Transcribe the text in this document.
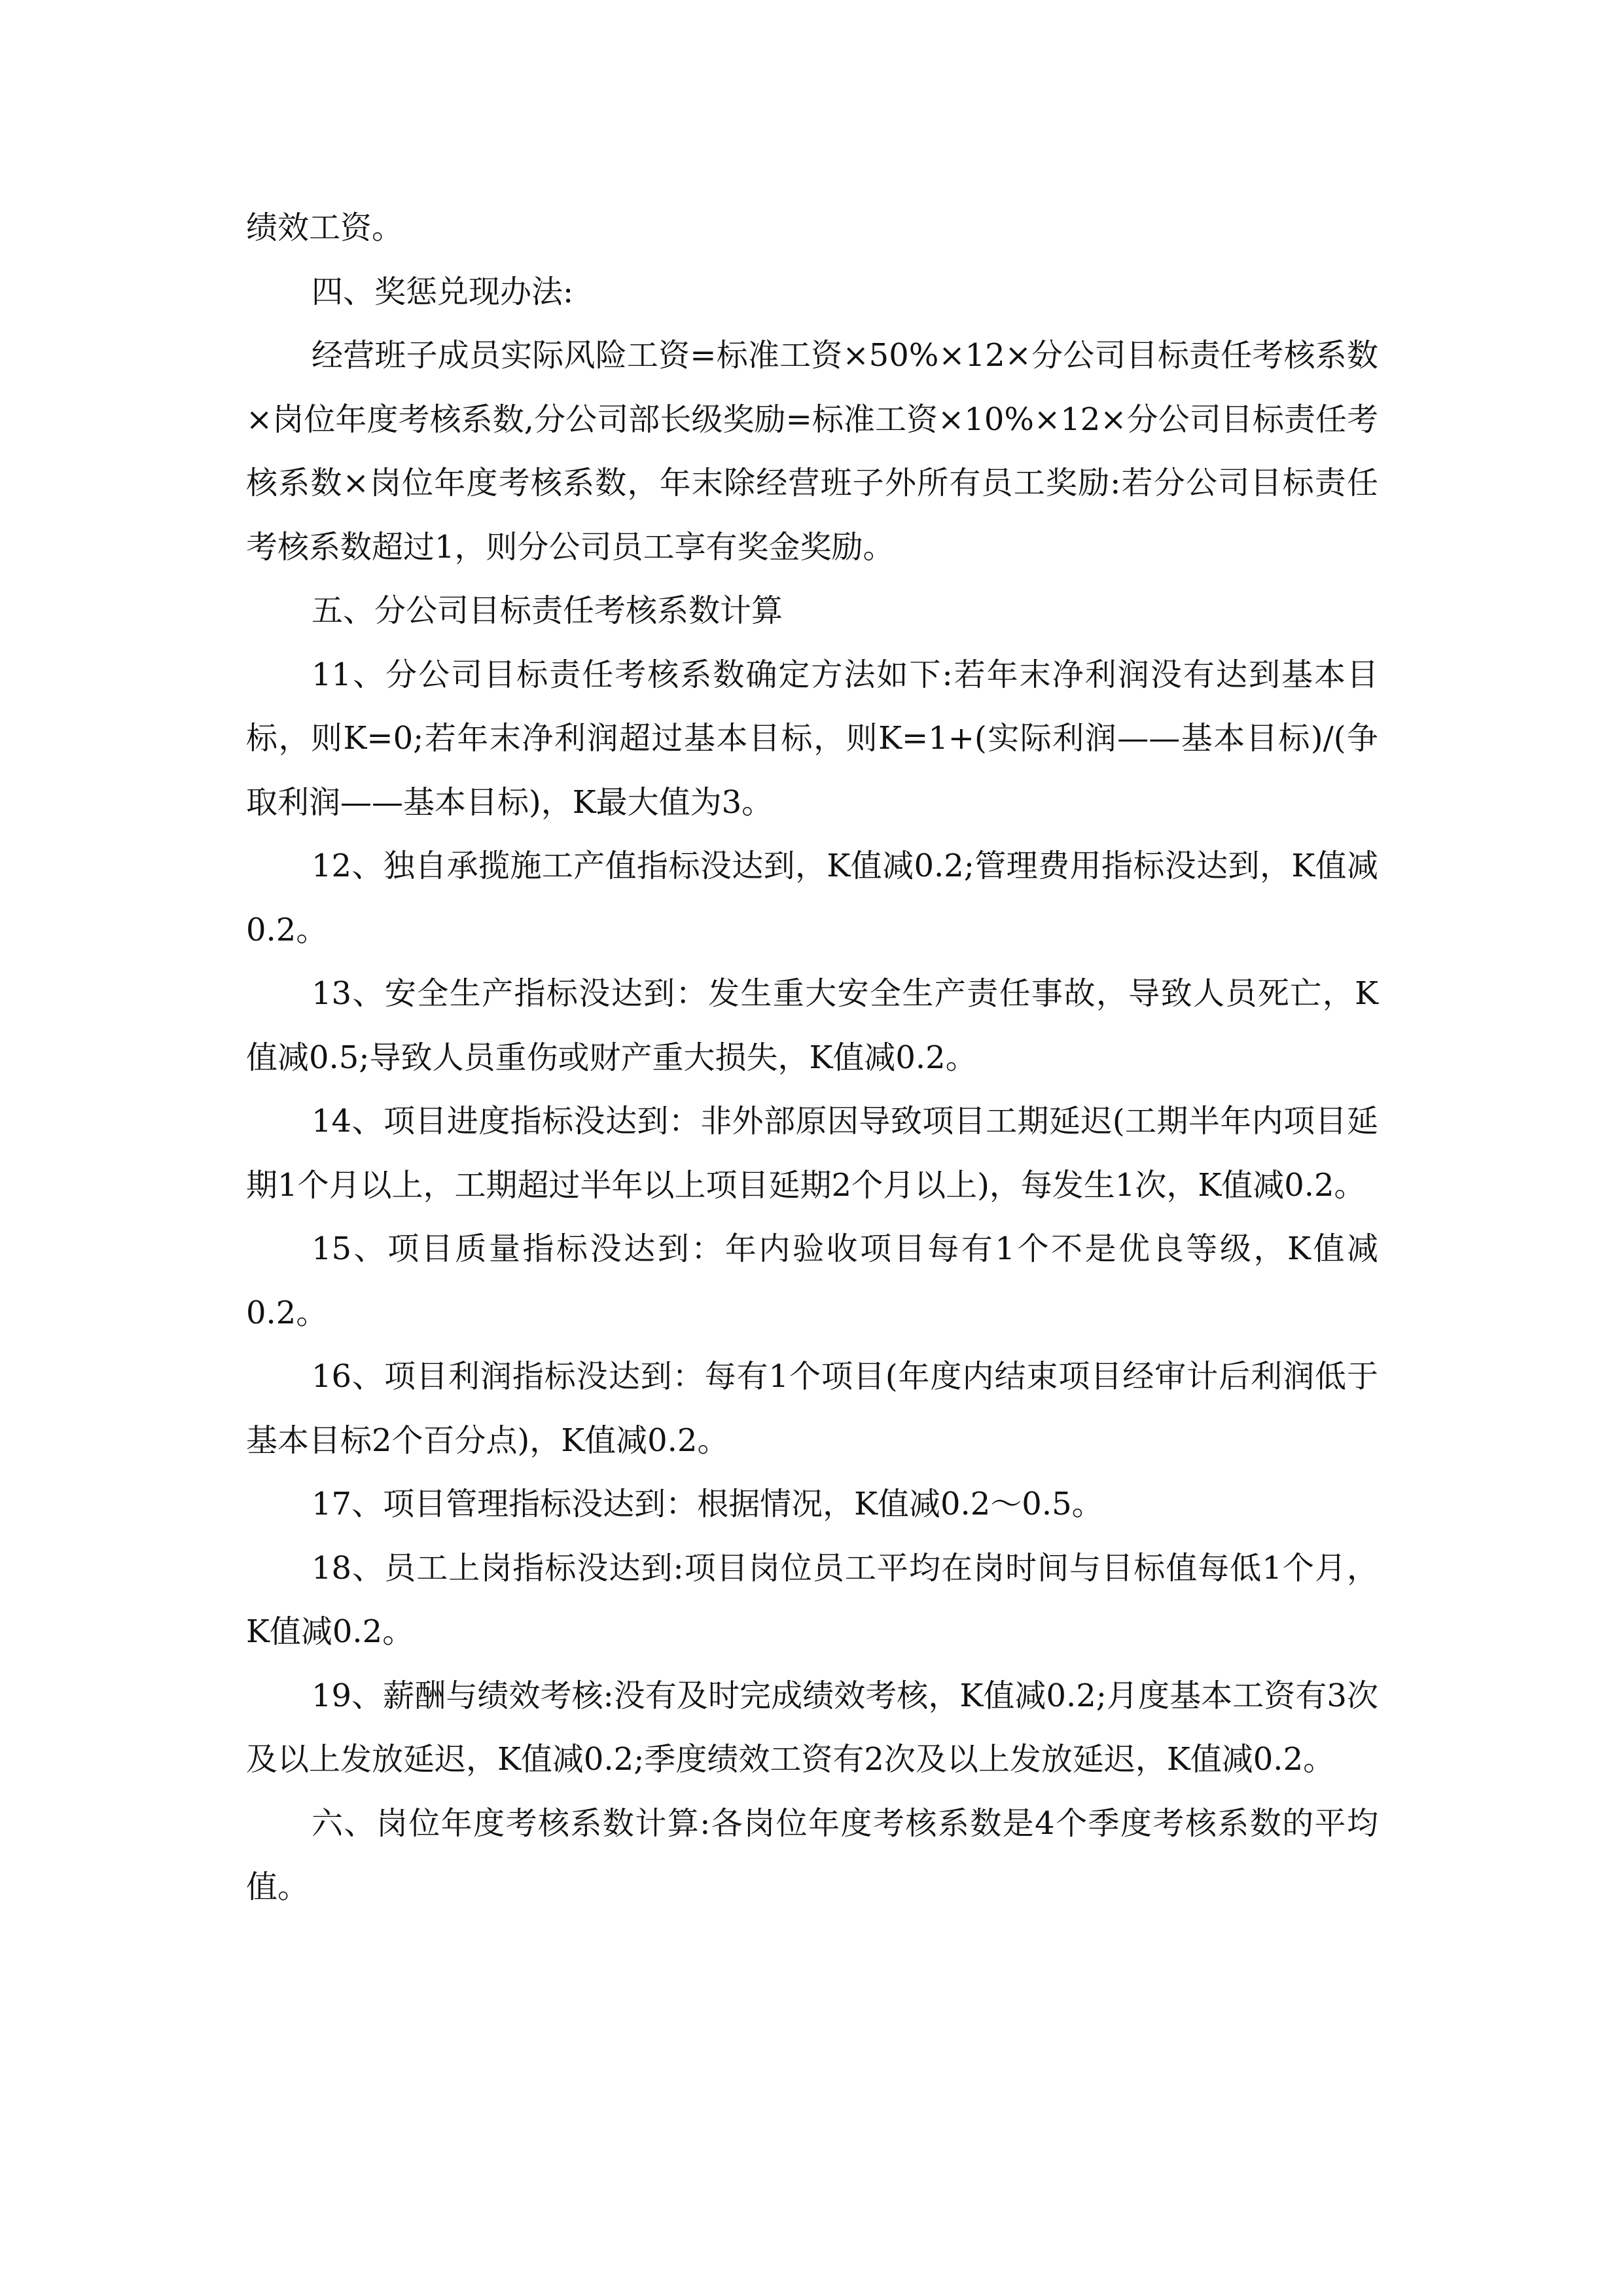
绩效工资。

四、奖惩兑现办法:

经营班子成员实际风险工资=标准工资×50%×12×分公司目标责任考核系数×岗位年度考核系数,分公司部长级奖励=标准工资×10%×12×分公司目标责任考核系数×岗位年度考核系数，年末除经营班子外所有员工奖励:若分公司目标责任考核系数超过1，则分公司员工享有奖金奖励。

五、分公司目标责任考核系数计算

11、分公司目标责任考核系数确定方法如下:若年末净利润没有达到基本目标，则K=0;若年末净利润超过基本目标，则K=1+(实际利润——基本目标)/(争取利润——基本目标)，K最大值为3。

12、独自承揽施工产值指标没达到，K值减0.2;管理费用指标没达到，K值减0.2。

13、安全生产指标没达到：发生重大安全生产责任事故，导致人员死亡，K值减0.5;导致人员重伤或财产重大损失，K值减0.2。

14、项目进度指标没达到：非外部原因导致项目工期延迟(工期半年内项目延期1个月以上，工期超过半年以上项目延期2个月以上)，每发生1次，K值减0.2。

15、项目质量指标没达到：年内验收项目每有1个不是优良等级，K值减0.2。

16、项目利润指标没达到：每有1个项目(年度内结束项目经审计后利润低于基本目标2个百分点)，K值减0.2。

17、项目管理指标没达到：根据情况，K值减0.2～0.5。

18、员工上岗指标没达到:项目岗位员工平均在岗时间与目标值每低1个月，K值减0.2。

19、薪酬与绩效考核:没有及时完成绩效考核，K值减0.2;月度基本工资有3次及以上发放延迟，K值减0.2;季度绩效工资有2次及以上发放延迟，K值减0.2。

六、岗位年度考核系数计算:各岗位年度考核系数是4个季度考核系数的平均值。
